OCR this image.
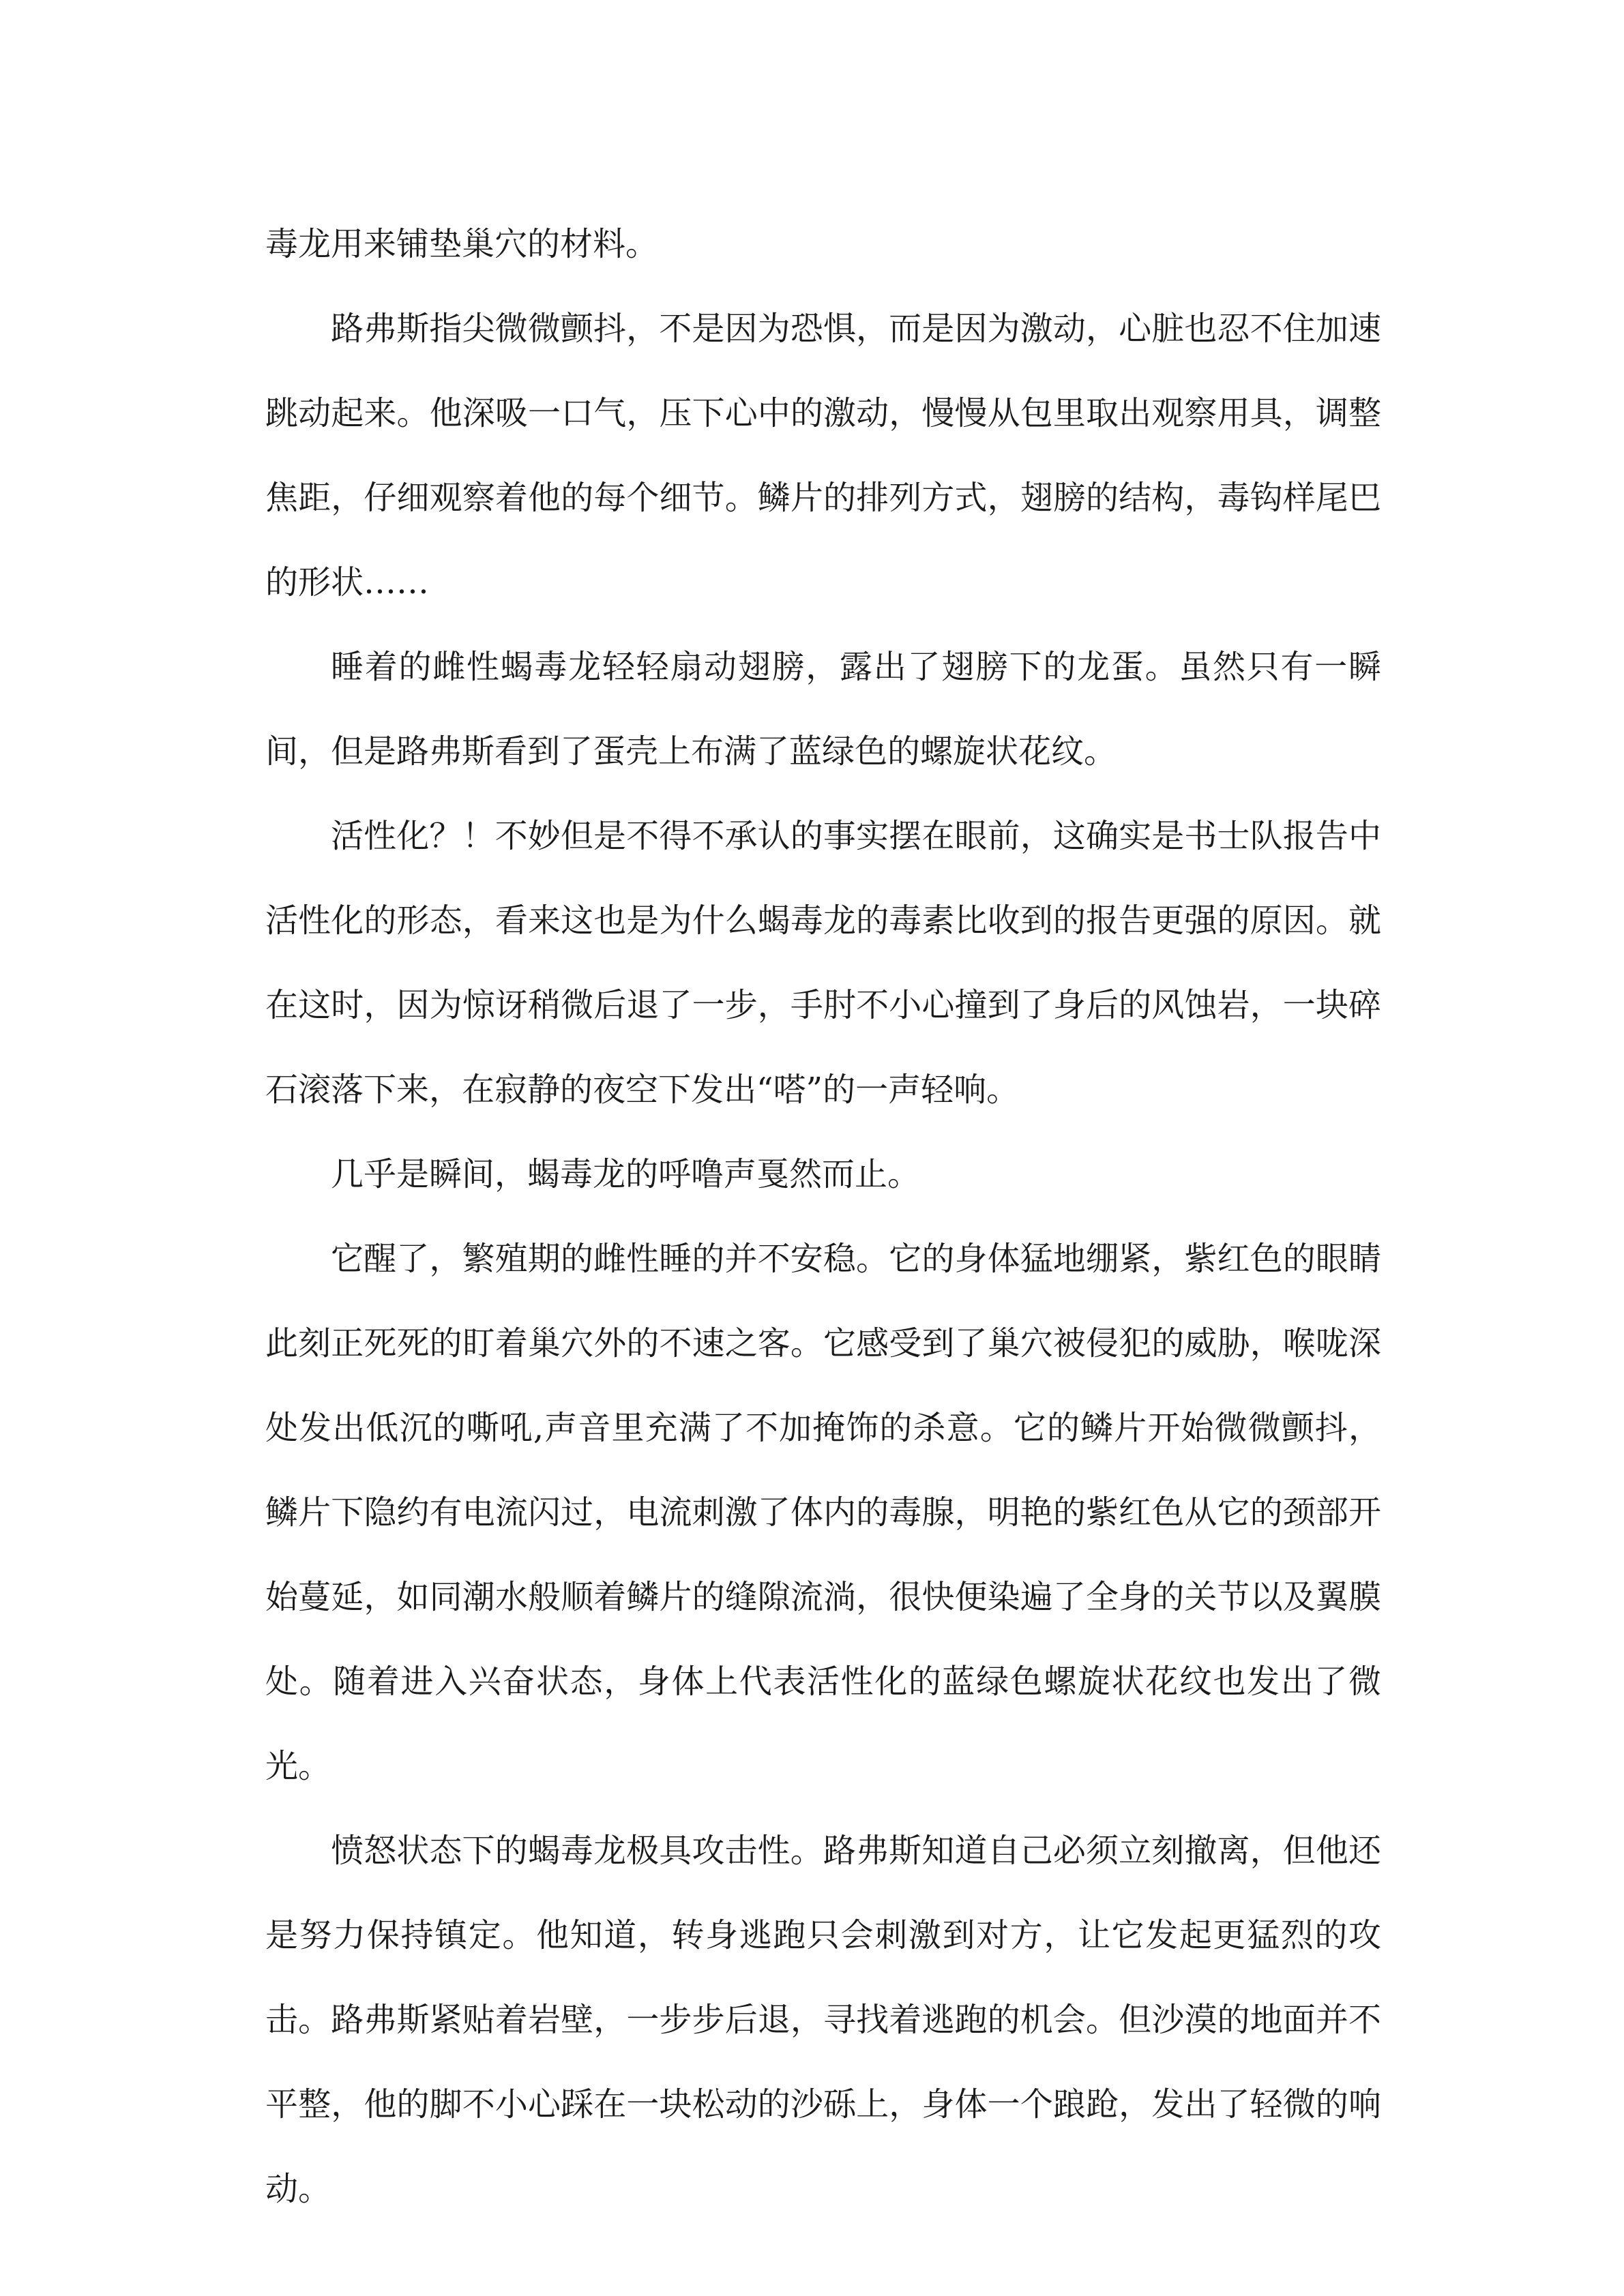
毒龙用来铺垫巢穴的材料。

路弗斯指尖微微颤抖，不是因为恐惧，而是因为激动，心脏也忍不住加速跳动起来。他深吸一口气，压下心中的激动，慢慢从包里取出观察用具，调整焦距，仔细观察着他的每个细节。鳞片的排列方式，翅膀的结构，毒钩样尾巴的形状……

睡着的雌性蝎毒龙轻轻扇动翅膀，露出了翅膀下的龙蛋。虽然只有一瞬间，但是路弗斯看到了蛋壳上布满了蓝绿色的螺旋状花纹。

活性化？！不妙但是不得不承认的事实摆在眼前，这确实是书士队报告中活性化的形态，看来这也是为什么蝎毒龙的毒素比收到的报告更强的原因。就在这时，因为惊讶稍微后退了一步，手肘不小心撞到了身后的风蚀岩，一块碎石滚落下来，在寂静的夜空下发出“嗒”的一声轻响。

几乎是瞬间，蝎毒龙的呼噜声戛然而止。

它醒了，繁殖期的雌性睡的并不安稳。它的身体猛地绷紧，紫红色的眼睛此刻正死死的盯着巢穴外的不速之客。它感受到了巢穴被侵犯的威胁，喉咙深处发出低沉的嘶吼,声音里充满了不加掩饰的杀意。它的鳞片开始微微颤抖，鳞片下隐约有电流闪过，电流刺激了体内的毒腺，明艳的紫红色从它的颈部开始蔓延，如同潮水般顺着鳞片的缝隙流淌，很快便染遍了全身的关节以及翼膜处。随着进入兴奋状态，身体上代表活性化的蓝绿色螺旋状花纹也发出了微光。

愤怒状态下的蝎毒龙极具攻击性。路弗斯知道自己必须立刻撤离，但他还是努力保持镇定。他知道，转身逃跑只会刺激到对方，让它发起更猛烈的攻击。路弗斯紧贴着岩壁，一步步后退，寻找着逃跑的机会。但沙漠的地面并不平整，他的脚不小心踩在一块松动的沙砾上，身体一个踉跄，发出了轻微的响动。
